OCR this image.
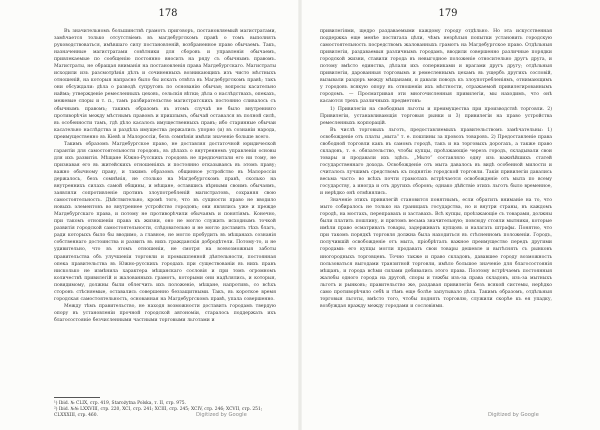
178

Въ значительномъ большинствѣ грамотъ приговоръ, постановляемый магистратами, замѣчается только отсутствіемъ въ магдебургскомъ правѣ о томъ выполнять руководствоваться, имѣвшаго силу постановленій, возбраненное право обычаемъ. Такъ, назначенные магистратами совѣтники для сборовъ и управленія обычаемъ, привлекаемые по сообщенію постоянно вносить на ряду съ обычнымъ правомъ. Магистраты, не обращая вниманія на постановленія права Магдебургскаго. Магистраты исходили изъ разсмотрѣнія дѣлъ и сочиненныхъ возникающихъ изъ чисто мѣстныхъ отношеній, на которыя напрасно было бы искать отвѣта въ Магдебургскомъ правѣ; такъ они обсуждали: дѣла о разводѣ супруговъ по основанію обычая; вопросы касательно найма; утвержденіе ремесленныхъ цеховъ, сельскія вѣтки; дѣла о наслѣдствахъ, опекахъ, межевые споры и т. п., тамъ разбирательство магистратскихъ постоянно сливалось съ обычнымъ правомъ; такимъ образомъ въ этомъ случаѣ не было внутренняго противорѣчія между мѣстнымъ правомъ и пришлымъ, обычай оставался въ полной силѣ, въ особенности тамъ, гдѣ дѣло касалось имущественныхъ правъ; ибо старинные обычаи касательно наслѣдства и раздѣла имущества держались упорно (и) въ сознаніи народа, преимущественно въ Кіевѣ и Малороссіи, безъ сомнѣнія имѣли значеніе больше всего.

Такимъ образомъ Магдебургское право, не доставляя достаточной юридической гарантіи для самостоятельности городовъ, въ дѣлахъ о внутреннемъ управленіи основы для ихъ развитія. Мѣщане Южно-Русскихъ городовъ не предпочитали его ни тому, не признавая его въ житейскихъ отношеніяхъ и постоянно отказываясь въ этомъ праву; важно обычному праву, и такимъ образомъ общинное устройство въ Малороссіи держалось, безъ сомнѣнія, не столько на Магдебургскомъ правѣ, сколько на внутреннихъ силахъ самой общины, и мѣщане, оставшись вѣрными своимъ обычаямъ, заявляли сопротивленіе противъ злоупотребленій магистратовъ, сохраняя свою самостоятельность. Дѣйствительно, кромѣ того, что въ сущности право не вводило новыхъ элементовъ во внутреннее устройство городовъ; они являлись уже и прежде Магдебургскаго права, и потому не противорѣчили обычаямъ и понятіямъ. Конечно, при такомъ отношеніи права къ жизни, оно не могло служить исходнымъ точкой развитія городской самостоятельности, слѣдовательно и не могло доставить тѣхъ благъ, ради которыхъ было бы вводимо, а главное, не могло пробудить въ мѣщанахъ сознанія собственнаго достоинства и развить въ нихъ гражданскія добродѣтели. Потому-то, и не удивительно, что въ этомъ отношеніи, не смотря на всевозможныя заботы правительства объ улучшеніи торговли и промышленной дѣятельности, постоянная опека правительства въ Южно-русскихъ городахъ при существованіи въ нихъ правъ нисколько не измѣнила характера мѣщанскаго сословія и при томъ огромномъ количествѣ привилегій и жалованныхъ грамотъ, которыми они надѣлялись, и которыя, повидимому, должны были облегчить ихъ положеніе, мѣщане, напротивъ, со всѣхъ сторонъ стѣсняемые, оставались совершенно беззащитными. Такъ, въ короткое время городская самостоятельность, основанная на Магдебургскомъ правѣ, упала совершенно.

Между тѣмъ правительство, не находя возможности доставить городамъ твердую опору въ установленіи прочной городской автономіи, старалось поддержать ихъ благосостояніе безчисленными частными торговыми льготами и

¹) Ibid. № CLIX, стр. 419, Starożytna Polska, т. II, стр. 975.
²) Ibid. №№ LXXVIII, стр. 220, XCI, стр. 241; XCIII, стр. 245; XCIV, стр. 246; XCVII, стр. 251; CLXXXIII, стр. 460.	Digitized by Google
179

привилегіями, щедро раздаваемыми каждому городу отдѣльно. Но эта искусственная поддержка еще менѣе постигала цѣли, чѣмъ незрѣлыя попытки установить городскую самостоятельность посредствомъ жалованныхъ грамотъ на Магдебургское право. Отдѣльныя привилегіи, раздаваемыя различнымъ городамъ, вводили совершенно различные порядки городской жизни, ставили города въ невыгодное положеніе относительно другъ друга, и потому вмѣсто единства, дѣлали ихъ соперниками и врагами другъ другу; отдѣльныя привилегіи, дарованныя торговымъ и ремесленнымъ цехамъ въ ущербъ другихъ сословій, вызывали раздоръ между мѣщанами, и давали поводъ къ злоупотребленіямъ, отнимающимъ у городовъ всякую опору въ отношеніи ихъ мѣстности, отражаемой привилегированнымъ городомъ. — Просматривая эти многочисленныя привилегіи, мы находимъ, что онѣ касаются трехъ различныхъ предметовъ:

1) Привилегіи на свободныя льготы и преимущества при производствѣ торговли. 2) Привилегіи, устанавливающія торговыя рынки и 3) привилегіи на право устройства ремесленныхъ корпорацій.

Въ числѣ торговыхъ льготъ, предоставляемыхъ правительствомъ замѣчательны: 1) освобожденіе отъ платы „мыта“ т. е. пошлины за провозъ товаровъ. 2) Предоставленіе права свободной торговли какъ въ самомъ городѣ, такъ и на торговыхъ дорогахъ, а также право складовъ, т. е. обязательство, чтобы купцы, проѣзжающіе черезъ городъ, складывали свои товары и продавали ихъ здѣсь. „Мыто“ составляло одну изъ важнѣйшихъ статей государственнаго дохода. Освобожденіе отъ мыта давалось въ видѣ особенной милости и считалось лучшимъ средствомъ къ поднятію городской торговли. Такія привилегіи давались весьма часто: во всѣхъ почти грамотахъ встрѣчается освобожденіе отъ мыта по всему государству, а иногда и отъ другихъ сборовъ; однако дѣйствіе этихъ льготъ было временное, и нерѣдко онѣ отмѣнялись.

Значеніе этихъ привилегій становится понятнымъ, если обратить вниманіе на то, что мыто собиралось не только на границахъ государства, но и внутри страны, въ каждомъ городѣ, на мостахъ, переправахъ и заставахъ. Всѣ купцы, проѣзжающіе съ товарами, должны были платить пошлину, и притомъ весьма значительную; повсюду стояли мытники, которые имѣли право осматривать товары, задерживать купцовъ и налагать штрафы. Понятно, что при такомъ порядкѣ торговля должна была находиться въ стѣсненномъ положеніи. Городъ, получившій освобожденіе отъ мыта, пріобрѣталъ важное преимущество передъ другими городами: его купцы могли продавать свои товары дешевле и вытѣснять съ рынковъ иногородныхъ торговцевъ. Точно также и право складовъ, дававшее городу возможность пользоваться выгодами транзитной торговли, имѣло большое значеніе для благосостоянія мѣщанъ, и города всѣми силами добивались этого права. Поэтому встрѣчаемъ постоянныя жалобы одного города на другой, споры и тяжбы изъ-за права складовъ, изъ-за мытныхъ льготъ и рынковъ; правительство же, раздавая привилегіи безъ всякой системы, нерѣдко само противорѣчило себѣ и тѣмъ еще болѣе запутывало дѣла. Такимъ образомъ, отдѣльныя торговыя льготы, вмѣсто того, чтобы поднять торговлю, служили скорѣе къ ея упадку, возбуждая вражду между городами и сословіями.

Digitized by Google
